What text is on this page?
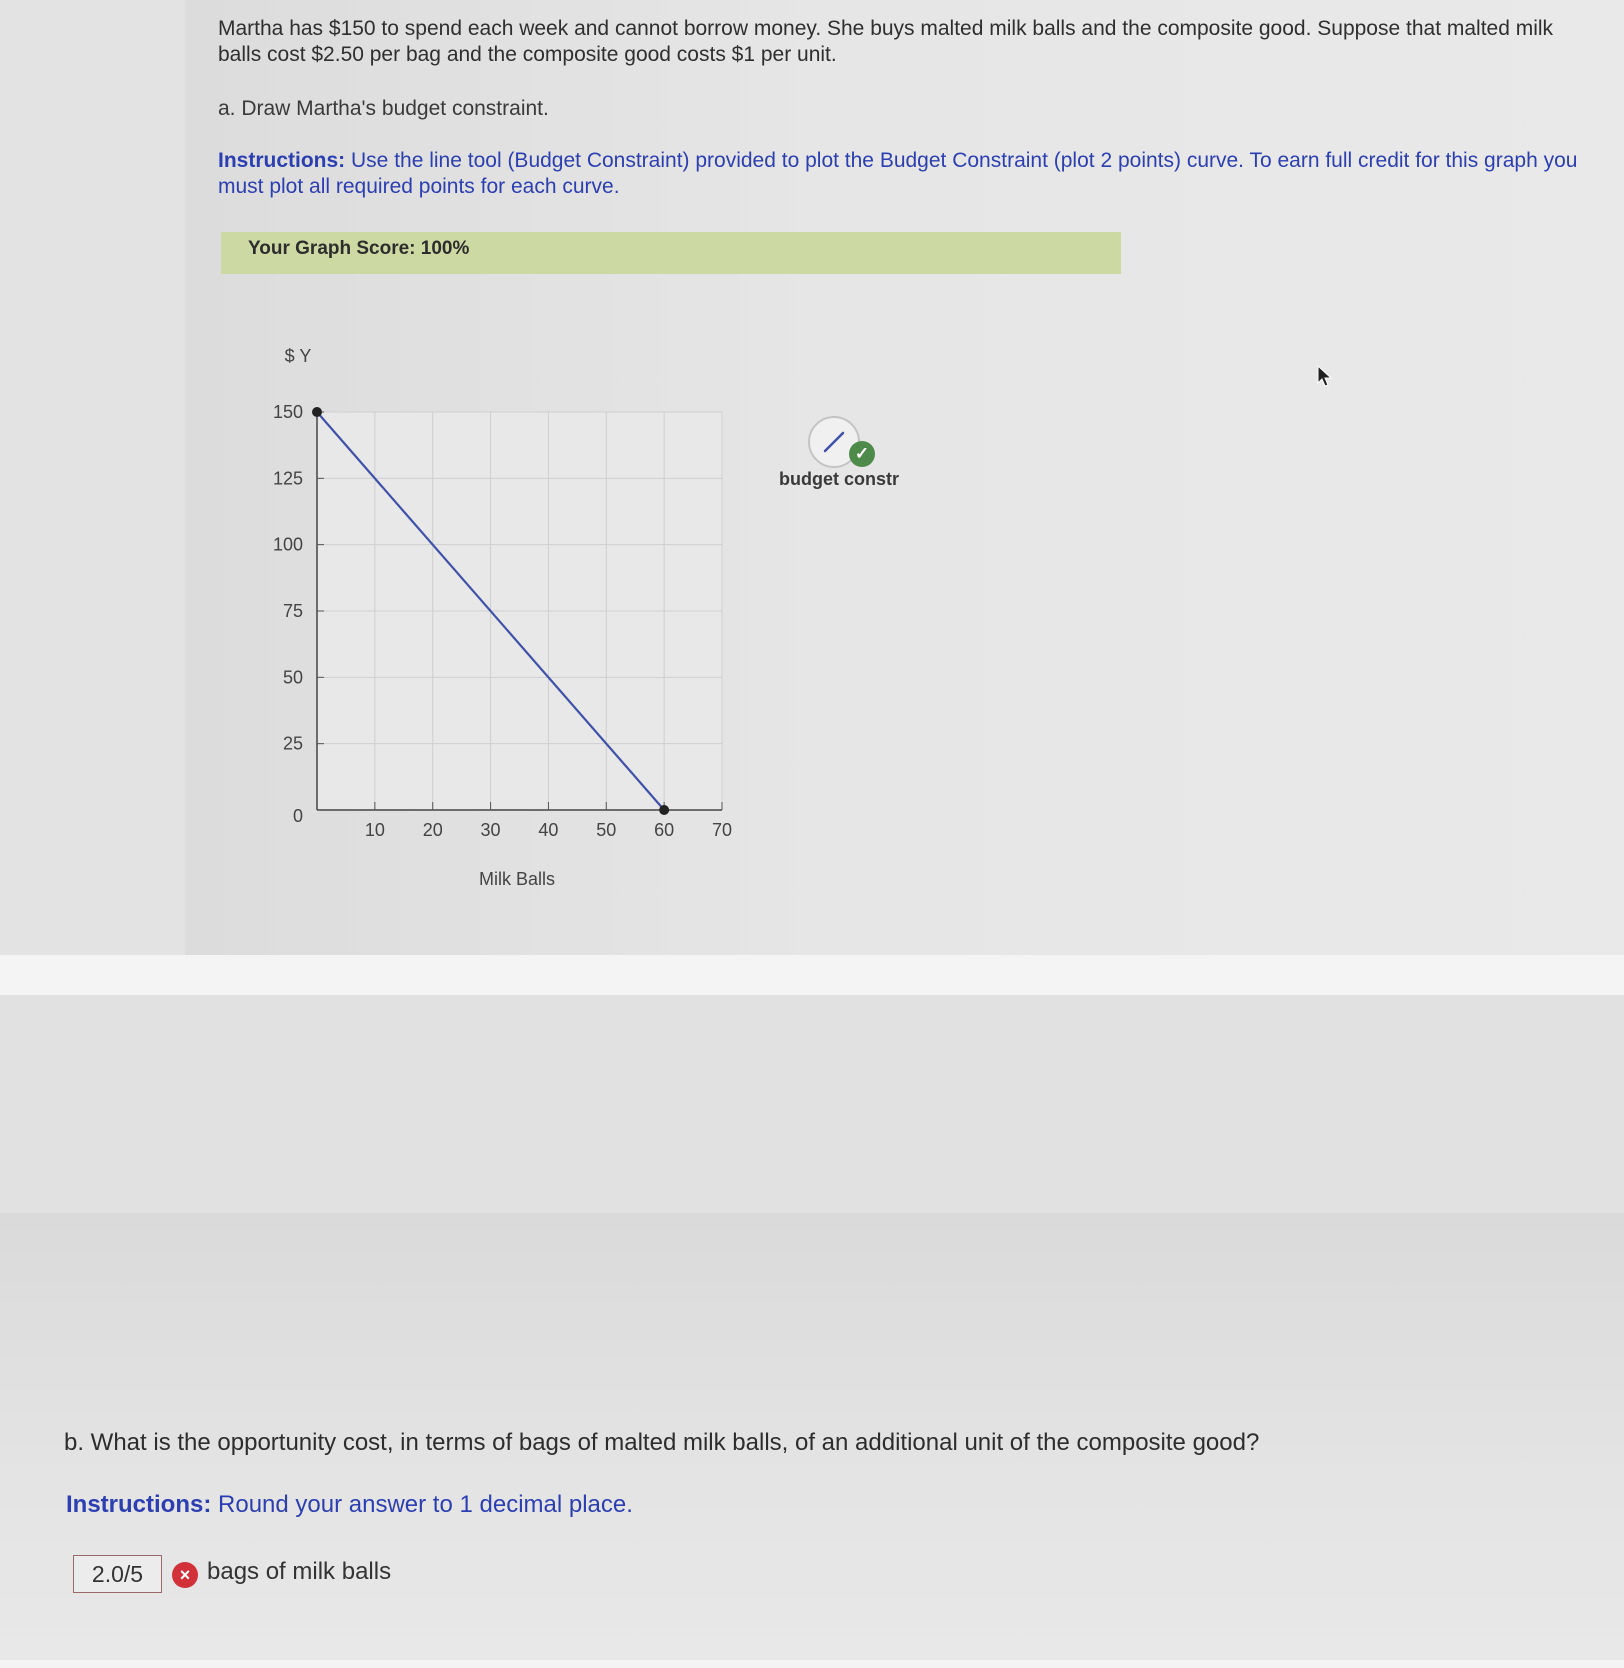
Martha has $150 to spend each week and cannot borrow money. She buys malted milk balls and the composite good. Suppose that malted milk balls cost $2.50 per bag and the composite good costs $1 per unit.
a. Draw Martha's budget constraint.
Instructions: Use the line tool (Budget Constraint) provided to plot the Budget Constraint (plot 2 points) curve. To earn full credit for this graph you must plot all required points for each curve.
Your Graph Score: 100%
10 20 30 40 50 60 70
150
125
100
75
50
25
0
$ Y
Milk Balls
✓
budget constr
b. What is the opportunity cost, in terms of bags of malted milk balls, of an additional unit of the composite good?
Instructions: Round your answer to 1 decimal place.
2.0/5	× bags of milk balls
